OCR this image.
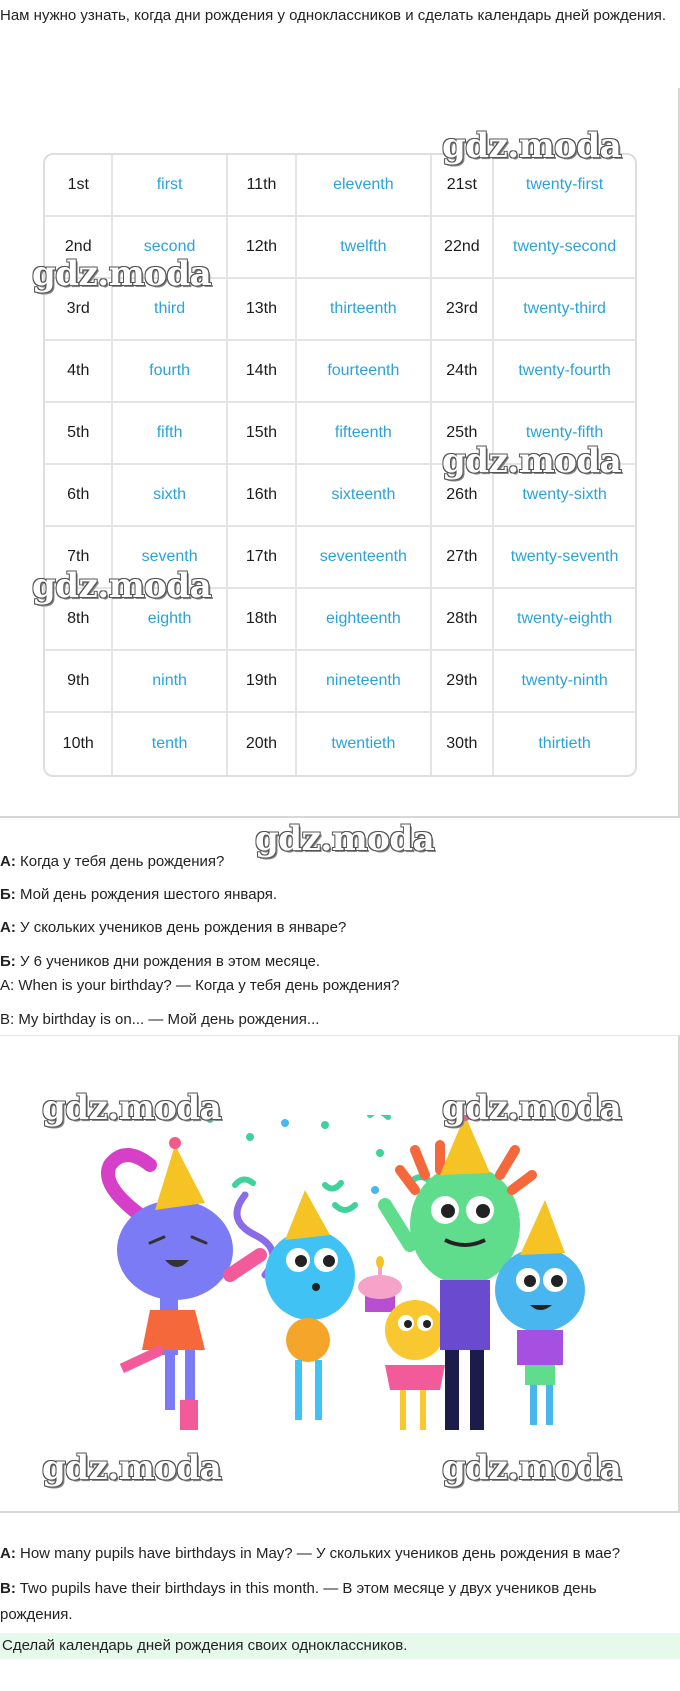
Нам нужно узнать, когда дни рождения у одноклассников и сделать календарь дней рождения.
1st	first	11th	eleventh	21st	twenty-first
2nd	second	12th	twelfth	22nd	twenty-second
3rd	third	13th	thirteenth	23rd	twenty-third
4th	fourth	14th	fourteenth	24th	twenty-fourth
5th	fifth	15th	fifteenth	25th	twenty-fifth
6th	sixth	16th	sixteenth	26th	twenty-sixth
7th	seventh	17th	seventeenth	27th	twenty-seventh
8th	eighth	18th	eighteenth	28th	twenty-eighth
9th	ninth	19th	nineteenth	29th	twenty-ninth
10th	tenth	20th	twentieth	30th	thirtieth
gdz.moda
gdz.moda
gdz.moda
gdz.moda
gdz.moda
А: Когда у тебя день рождения?
Б: Мой день рождения шестого января.
А: У скольких учеников день рождения в январе?
Б: У 6 учеников дни рождения в этом месяце.
A: When is your birthday? — Когда у тебя день рождения?
B: My birthday is on... — Мой день рождения...
gdz.moda	gdz.moda
gdz.moda	gdz.moda
A: How many pupils have birthdays in May? — У скольких учеников день рождения в мае?
B: Two pupils have their birthdays in this month. — В этом месяце у двух учеников день
рождения.
Сделай календарь дней рождения своих одноклассников.
